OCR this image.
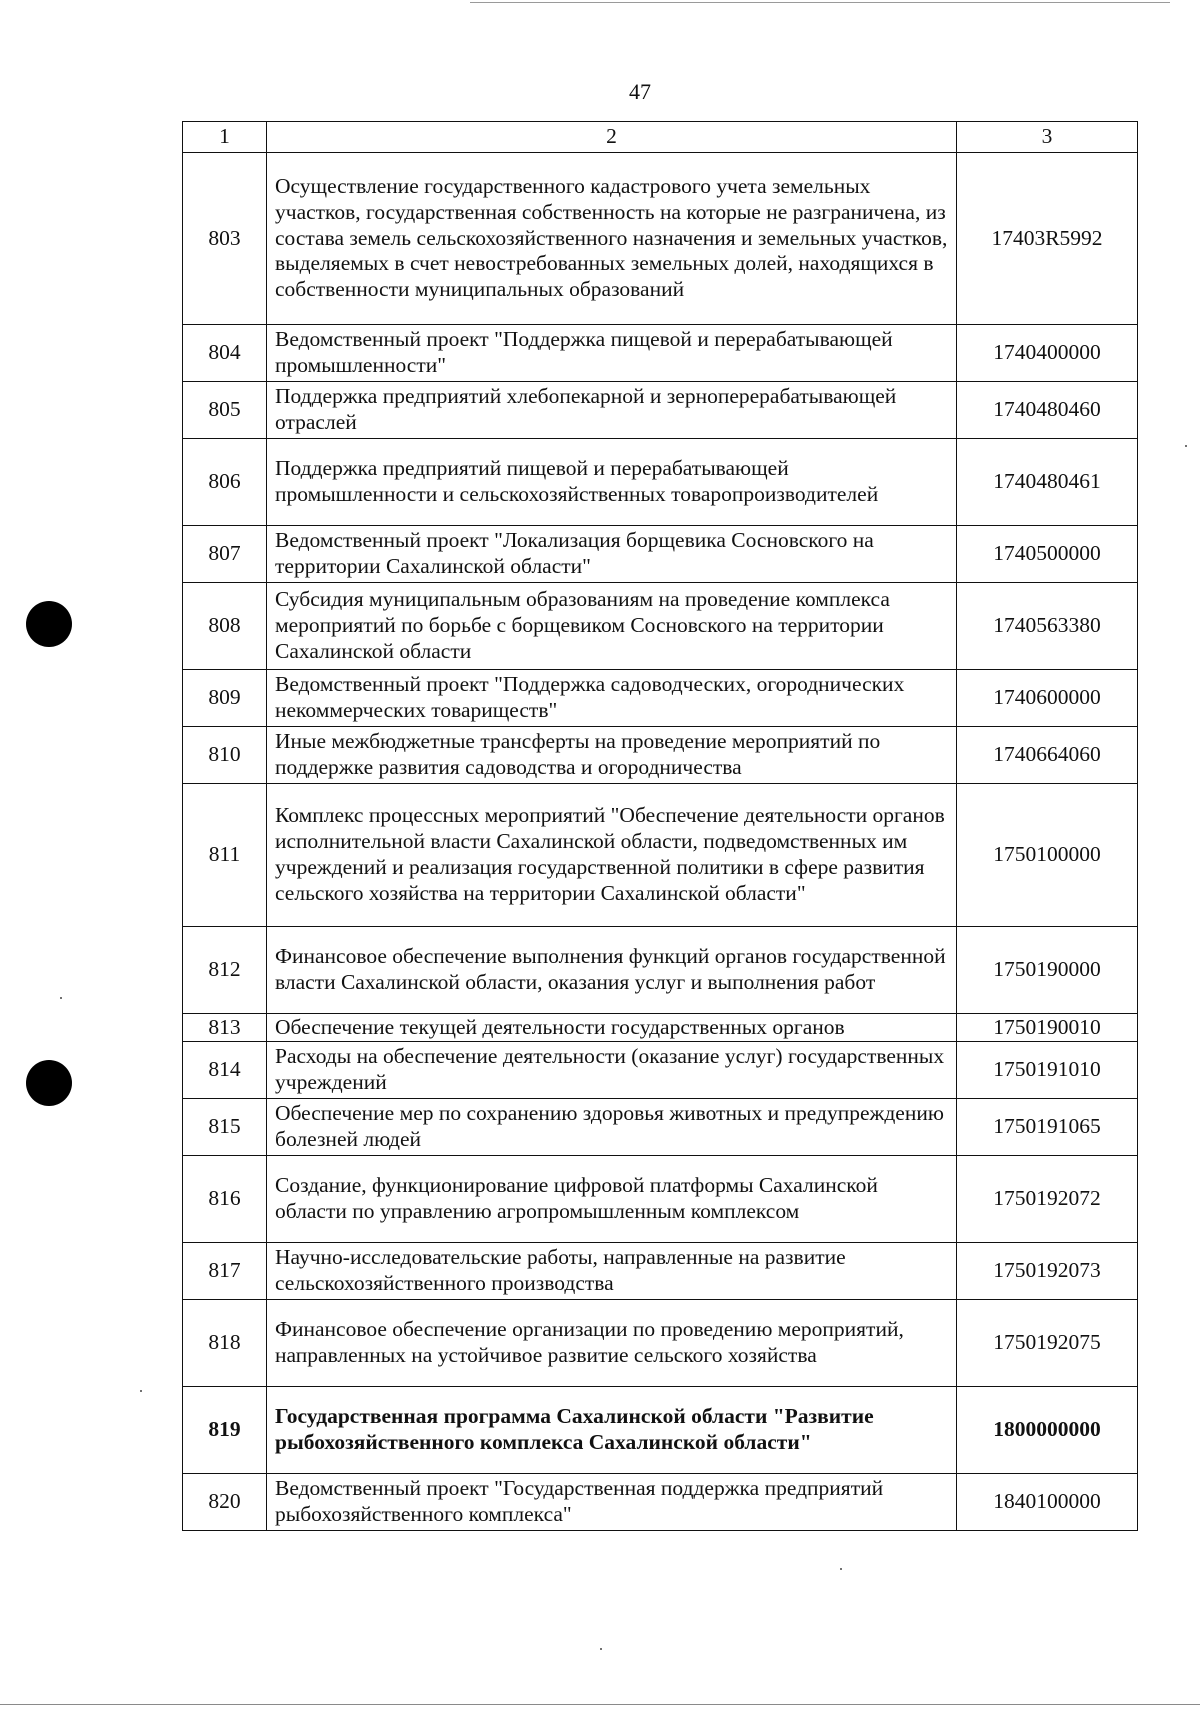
47
1	2	3
803	Осуществление государственного кадастрового учета земельных участков, государственная собственность на которые не разграничена, из состава земель сельскохозяйственного назначения и земельных участков, выделяемых в счет невостребованных земельных долей, находящихся в собственности муниципальных образований	17403R5992
804	Ведомственный проект "Поддержка пищевой и перерабатывающей промышленности"	1740400000
805	Поддержка предприятий хлебопекарной и зерноперерабатывающей отраслей	1740480460
806	Поддержка предприятий пищевой и перерабатывающей промышленности и сельскохозяйственных товаропроизводителей	1740480461
807	Ведомственный проект "Локализация борщевика Сосновского на территории Сахалинской области"	1740500000
808	Субсидия муниципальным образованиям на проведение комплекса мероприятий по борьбе с борщевиком Сосновского на территории Сахалинской области	1740563380
809	Ведомственный проект "Поддержка садоводческих, огороднических некоммерческих товариществ"	1740600000
810	Иные межбюджетные трансферты на проведение мероприятий по поддержке развития садоводства и огородничества	1740664060
811	Комплекс процессных мероприятий "Обеспечение деятельности органов исполнительной власти Сахалинской области, подведомственных им учреждений и реализация государственной политики в сфере развития сельского хозяйства на территории Сахалинской области"	1750100000
812	Финансовое обеспечение выполнения функций органов государственной власти Сахалинской области, оказания услуг и выполнения работ	1750190000
813	Обеспечение текущей деятельности государственных органов	1750190010
814	Расходы на обеспечение деятельности (оказание услуг) государственных учреждений	1750191010
815	Обеспечение мер по сохранению здоровья животных и предупреждению болезней людей	1750191065
816	Создание, функционирование цифровой платформы Сахалинской области по управлению агропромышленным комплексом	1750192072
817	Научно-исследовательские работы, направленные на развитие сельскохозяйственного производства	1750192073
818	Финансовое обеспечение организации по проведению мероприятий, направленных на устойчивое развитие сельского хозяйства	1750192075
819	Государственная программа Сахалинской области "Развитие рыбохозяйственного комплекса Сахалинской области"	1800000000
820	Ведомственный проект "Государственная поддержка предприятий рыбохозяйственного комплекса"	1840100000
